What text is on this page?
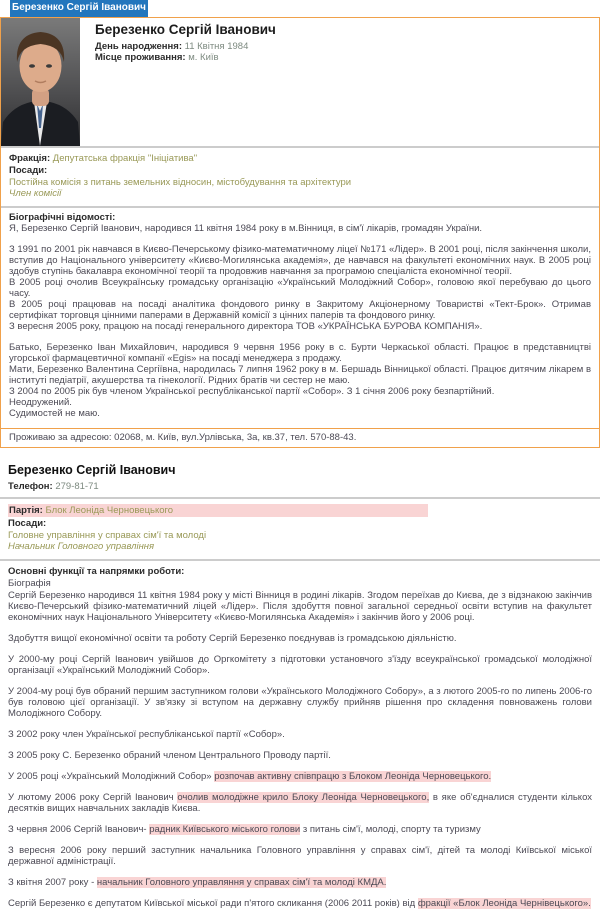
Березенко Сергій Іванович
Березенко Сергій Іванович
День народження: 11 Квітня 1984
Місце проживання: м. Київ
Фракція: Депутатська фракція "Ініціатива"
Посади:
Постійна комісія з питань земельних відносин, містобудування та архітектури
Член комісії
Біографічні відомості:

Я, Березенко Сергій Іванович, народився 11 квітня 1984 року в м.Вінниця, в сім'ї лікарів, громадян України.

З 1991 по 2001 рік навчався в Києво-Печерському фізико-математичному ліцеї №171 «Лідер». В 2001 році, після закінчення школи, вступив до Національного університету «Києво-Могилянська академія», де навчався на факультеті економічних наук. В 2005 році здобув ступінь бакалавра економічної теорії та продовжив навчання за програмою спеціаліста економічної теорії.

В 2005 році очолив Всеукраїнську громадську організацію «Український Молодіжний Собор», головою якої перебуваю до цього часу.

В 2005 році працював на посаді аналітика фондового ринку в Закритому Акціонерному Товаристві «Тект-Брок». Отримав сертифікат торговця цінними паперами в Державній комісії з цінних паперів та фондового ринку.

З вересня 2005 року, працюю на посаді генерального директора ТОВ «УКРАЇНСЬКА БУРОВА КОМПАНІЯ».

Батько, Березенко Іван Михайлович, народився 9 червня 1956 року в с. Бурти Черкаської області. Працює в представництві угорської фармацевтичної компанії «Egis» на посаді менеджера з продажу.

Мати, Березенко Валентина Сергіївна, народилась 7 липня 1962 року в м. Бершадь Вінницької області. Працює дитячим лікарем в інституті педіатрії, акушерства та гінекології. Рідних братів чи сестер не маю.

З 2004 по 2005 рік був членом Української республіканської партії «Собор». З 1 січня 2006 року безпартійний.

Неодружений.

Судимостей не маю.

Проживаю за адресою: 02068, м. Київ, вул.Урлівська, 3а, кв.37, тел. 570-88-43.
Березенко Сергій Іванович
Телефон: 279-81-71
Партія: Блок Леоніда Черновецького
Посади:
Головне управління у справах сім'ї та молоді
Начальник Головного управління
Основні функції та напрямки роботи:
Біографія

Сергій Березенко народився 11 квітня 1984 року у місті Вінниця в родині лікарів. Згодом переїхав до Києва, де з відзнакою закінчив Києво-Печерський фізико-математичний ліцей «Лідер». Після здобуття повної загальної середньої освіти вступив на факультет економічних наук Національного Університету «Києво-Могилянська Академія» і закінчив його у 2006 році.

Здобуття вищої економічної освіти та роботу Сергій Березенко поєднував із громадською діяльністю.

У 2000-му році Сергій Іванович увійшов до Оргкомітету з підготовки установчого з'їзду всеукраїнської громадської молодіжної організації «Український Молодіжний Собор».

У 2004-му році був обраний першим заступником голови «Українського Молодіжного Собору», а з лютого 2005-го по липень 2006-го був головою цієї організації. У зв'язку зі вступом на державну службу прийняв рішення про складення повноважень голови Молодіжного Собору.

З 2002 року член Української республіканської партії «Собор».

З 2005 року С. Березенко обраний членом Центрального Проводу партії.

У 2005 році «Український Молодіжний Собор» розпочав активну співпрацю з Блоком Леоніда Черновецького.

У лютому 2006 року Сергій Іванович очолив молодіжне крило Блоку Леоніда Черновецького, в яке об'єдналися студенти кількох десятків вищих навчальних закладів Києва.

З червня 2006 Сергій Іванович- радник Київського міського голови з питань сім'ї, молоді, спорту та туризму

З вересня 2006 року перший заступник начальника Головного управління у справах сім'ї, дітей та молоді Київської міської державної адміністрації.

З квітня 2007 року - начальник Головного управляння у справах сім'ї та молоді КМДА.

Сергій Березенко є депутатом Київської міської ради п'ятого скликання (2006 2011 років) від фракції «Блок Леоніда Чернівецького».
